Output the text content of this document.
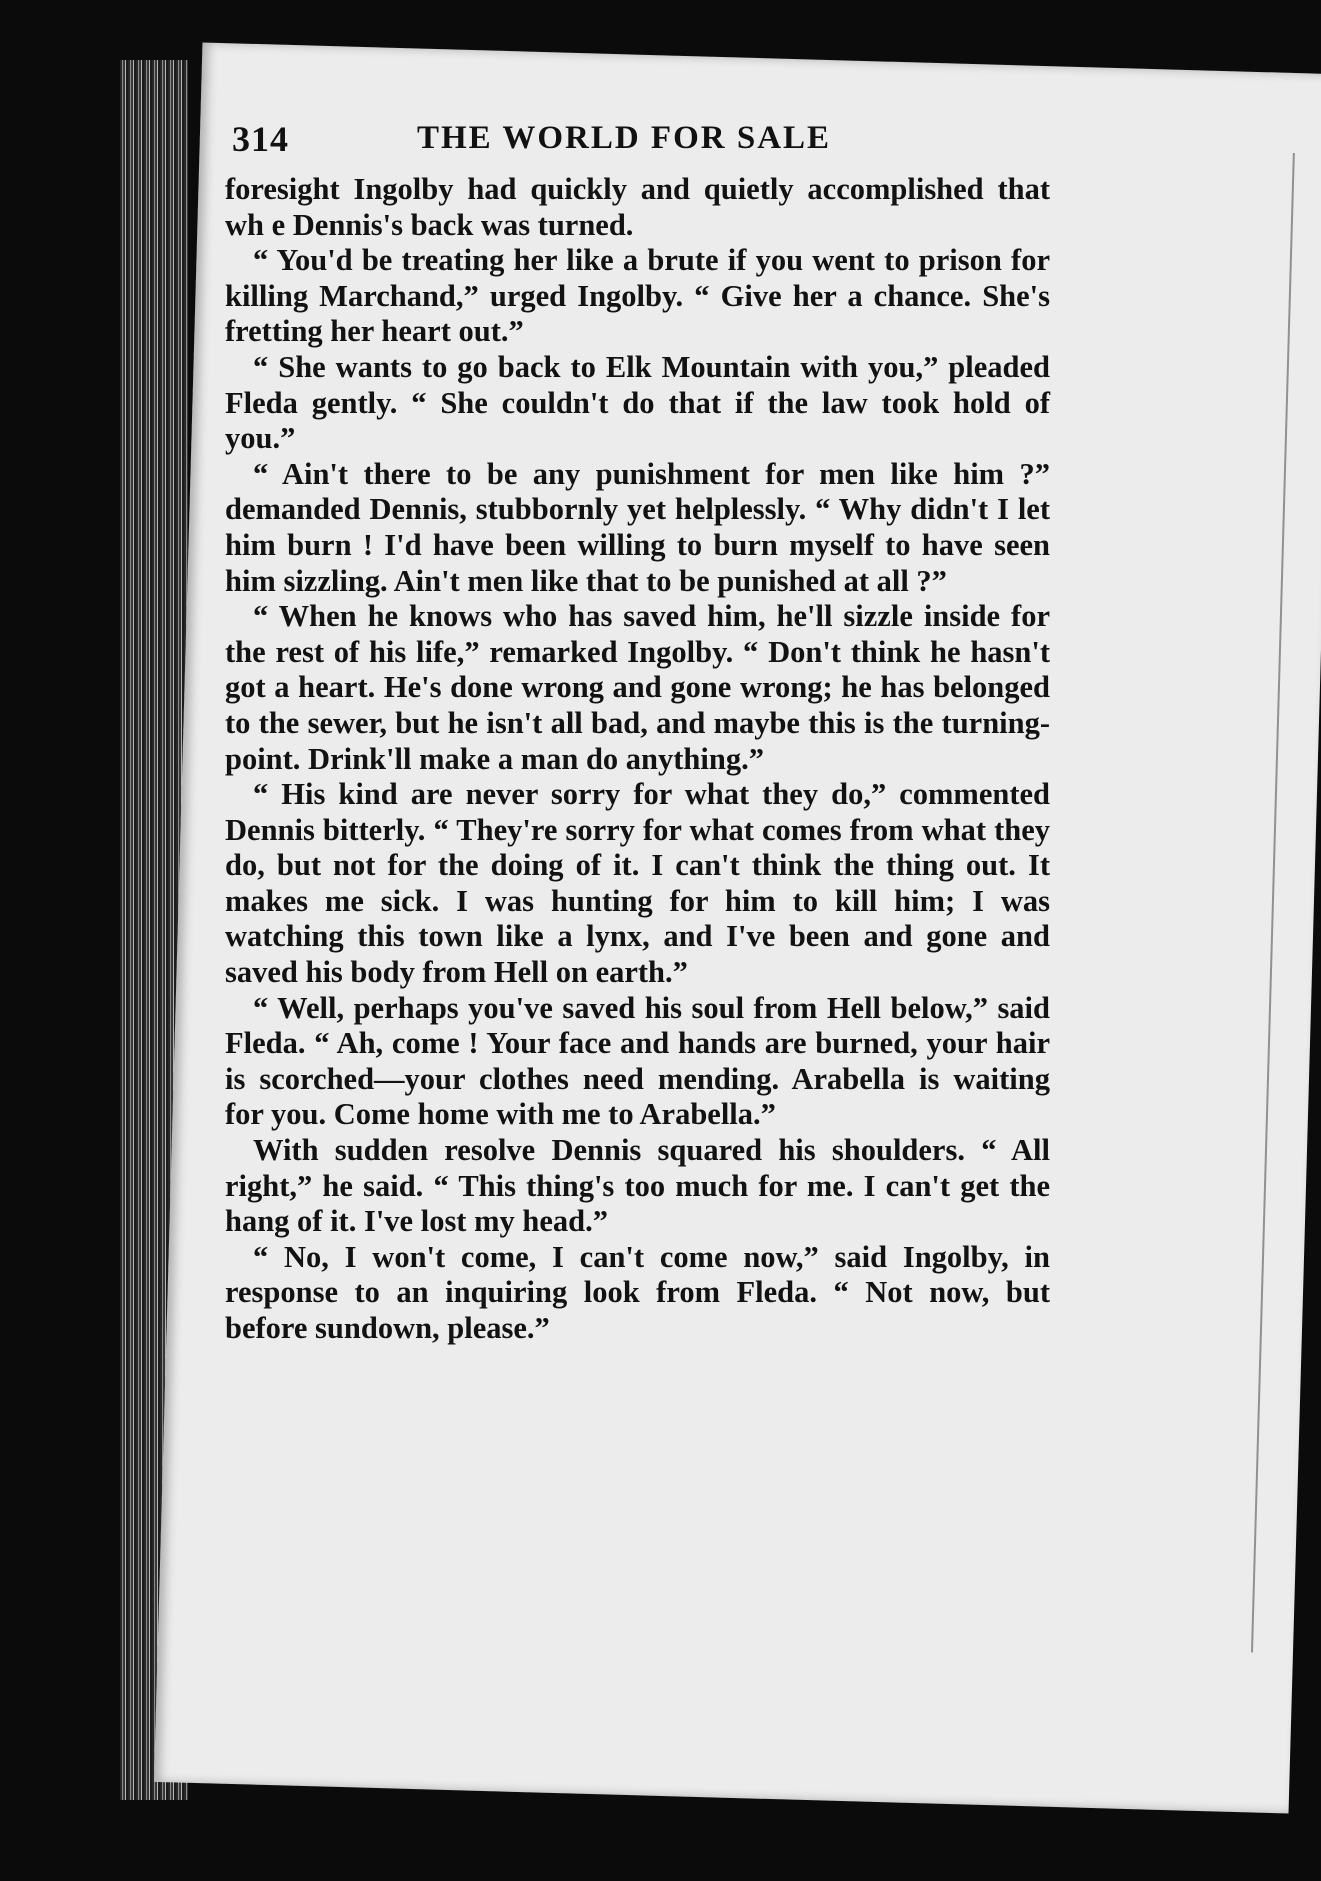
314	THE WORLD FOR SALE

foresight Ingolby had quickly and quietly accomplished that wh e Dennis's back was turned.

“ You'd be treating her like a brute if you went to prison for killing Marchand,” urged Ingolby. “ Give her a chance. She's fretting her heart out.”

“ She wants to go back to Elk Mountain with you,” pleaded Fleda gently. “ She couldn't do that if the law took hold of you.”

“ Ain't there to be any punishment for men like him ?” demanded Dennis, stubbornly yet helplessly. “ Why didn't I let him burn ! I'd have been willing to burn myself to have seen him sizzling. Ain't men like that to be punished at all ?”

“ When he knows who has saved him, he'll sizzle inside for the rest of his life,” remarked Ingolby. “ Don't think he hasn't got a heart. He's done wrong and gone wrong; he has belonged to the sewer, but he isn't all bad, and maybe this is the turning-point. Drink'll make a man do anything.”

“ His kind are never sorry for what they do,” commented Dennis bitterly. “ They're sorry for what comes from what they do, but not for the doing of it. I can't think the thing out. It makes me sick. I was hunting for him to kill him; I was watching this town like a lynx, and I've been and gone and saved his body from Hell on earth.”

“ Well, perhaps you've saved his soul from Hell below,” said Fleda. “ Ah, come ! Your face and hands are burned, your hair is scorched—your clothes need mending. Arabella is waiting for you. Come home with me to Arabella.”

With sudden resolve Dennis squared his shoulders. “ All right,” he said. “ This thing's too much for me. I can't get the hang of it. I've lost my head.”

“ No, I won't come, I can't come now,” said Ingolby, in response to an inquiring look from Fleda. “ Not now, but before sundown, please.”
